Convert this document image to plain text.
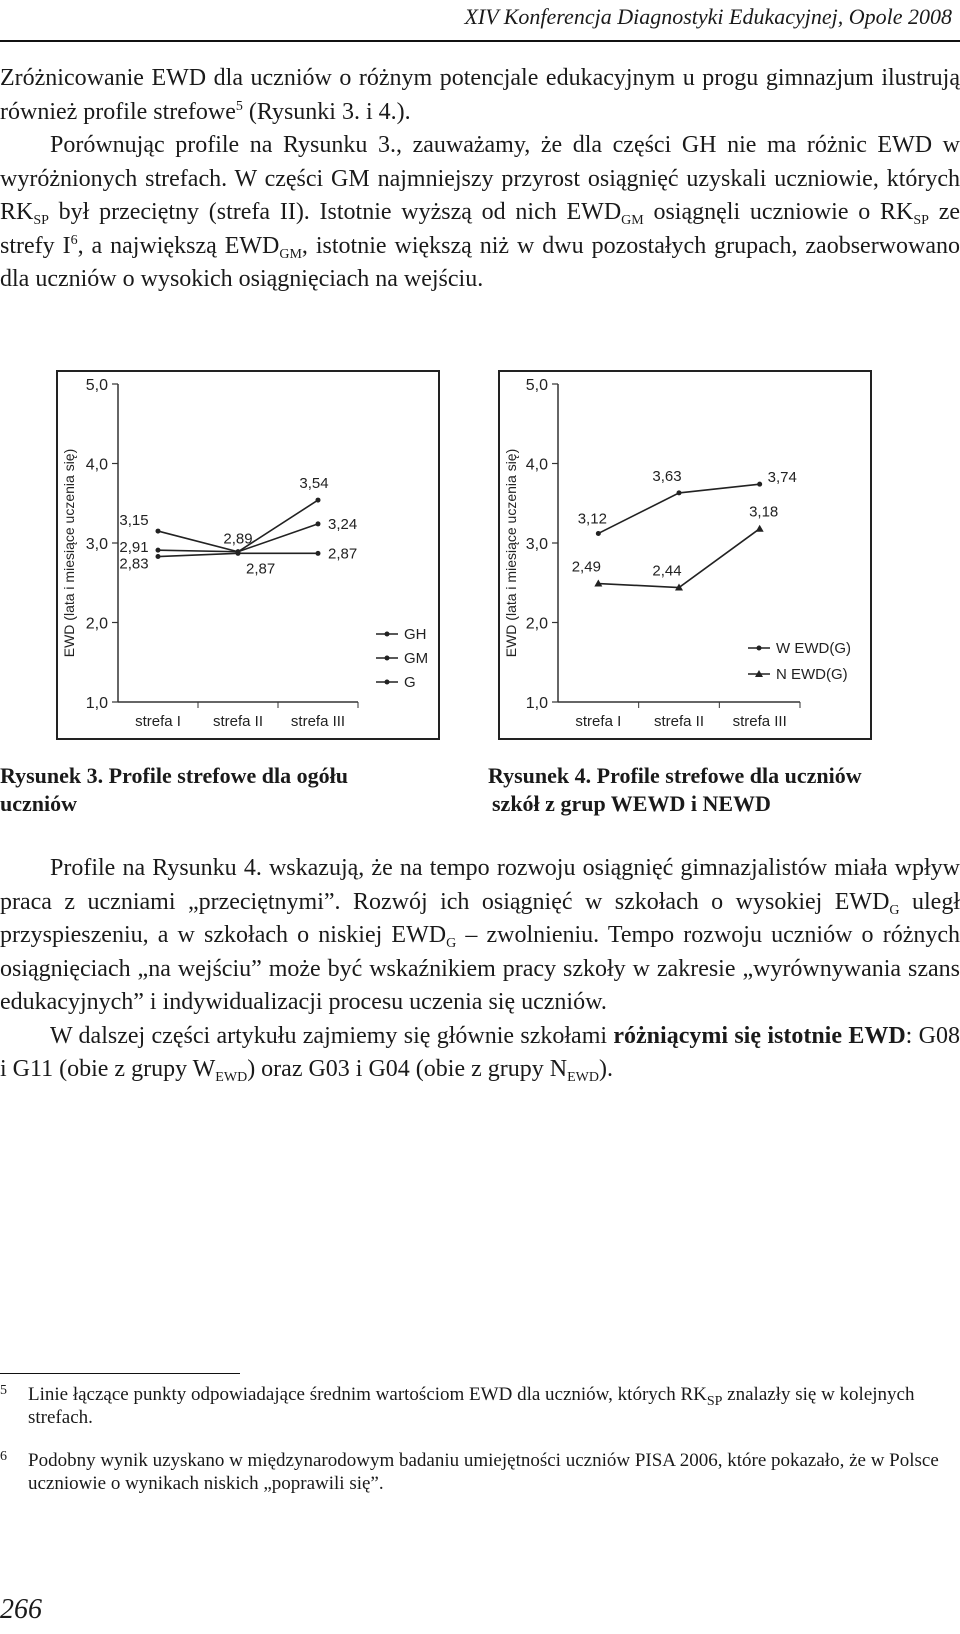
XIV Konferencja Diagnostyki Edukacyjnej, Opole 2008

Zróżnicowanie EWD dla uczniów o różnym potencjale edukacyjnym u progu gimnazjum ilustrują również profile strefowe$^5$ (Rysunki 3. i 4.).

Porównując profile na Rysunku 3., zauważamy, że dla części GH nie ma różnic EWD w wyróżnionych strefach. W części GM najmniejszy przyrost osiągnięć uzyskali uczniowie, których $RK_{SP}$ był przeciętny (strefa II). Istotnie wyższą od nich $EWD_{GM}$ osiągnęli uczniowie o $RK_{SP}$ ze strefy $I^6$, a największą $EWD_{GM}$, istotnie większą niż w dwu pozostałych grupach, zaobserwowano dla uczniów o wysokich osiągnięciach na wejściu.

5,0
4,0
3,0
2,0
1,0
EWD (lata i miesiące uczenia się)
strefa I strefa II strefa III
2,83	2,87
2,87
2,91	2,89
3,24
3,15
3,54
GH
GM
G
5,0
4,0
3,0
2,0
1,0
EWD (lata i miesiące uczenia się)
strefa I strefa II strefa III
3,12
3,63	3,74
2,49	2,44
3,18
W EWD(G)
N EWD(G)
Rysunek 3. Profile strefowe dla ogółu
uczniów
Rysunek 4. Profile strefowe dla uczniów
szkół z grup WEWD i NEWD

Profile na Rysunku 4. wskazują, że na tempo rozwoju osiągnięć gimnazjalistów miała wpływ praca z uczniami „przeciętnymi”. Rozwój ich osiągnięć w szkołach o wysokiej $EWD_G$ uległ przyspieszeniu, a w szkołach o niskiej $EWD_G$ – zwolnieniu. Tempo rozwoju uczniów o różnych osiągnięciach „na wejściu” może być wskaźnikiem pracy szkoły w zakresie „wyrównywania szans edukacyjnych” i indywidualizacji procesu uczenia się uczniów.

W dalszej części artykułu zajmiemy się głównie szkołami różniącymi się istotnie EWD: G08 i G11 (obie z grupy $W_{EWD}$) oraz G03 i G04 (obie z grupy $N_{EWD}$).

5 Linie łączące punkty odpowiadające średnim wartościom EWD dla uczniów, których $RK_{SP}$ znalazły się w kolejnych strefach.
6 Podobny wynik uzyskano w międzynarodowym badaniu umiejętności uczniów PISA 2006, które pokazało, że w Polsce uczniowie o wynikach niskich „poprawili się”.
266
